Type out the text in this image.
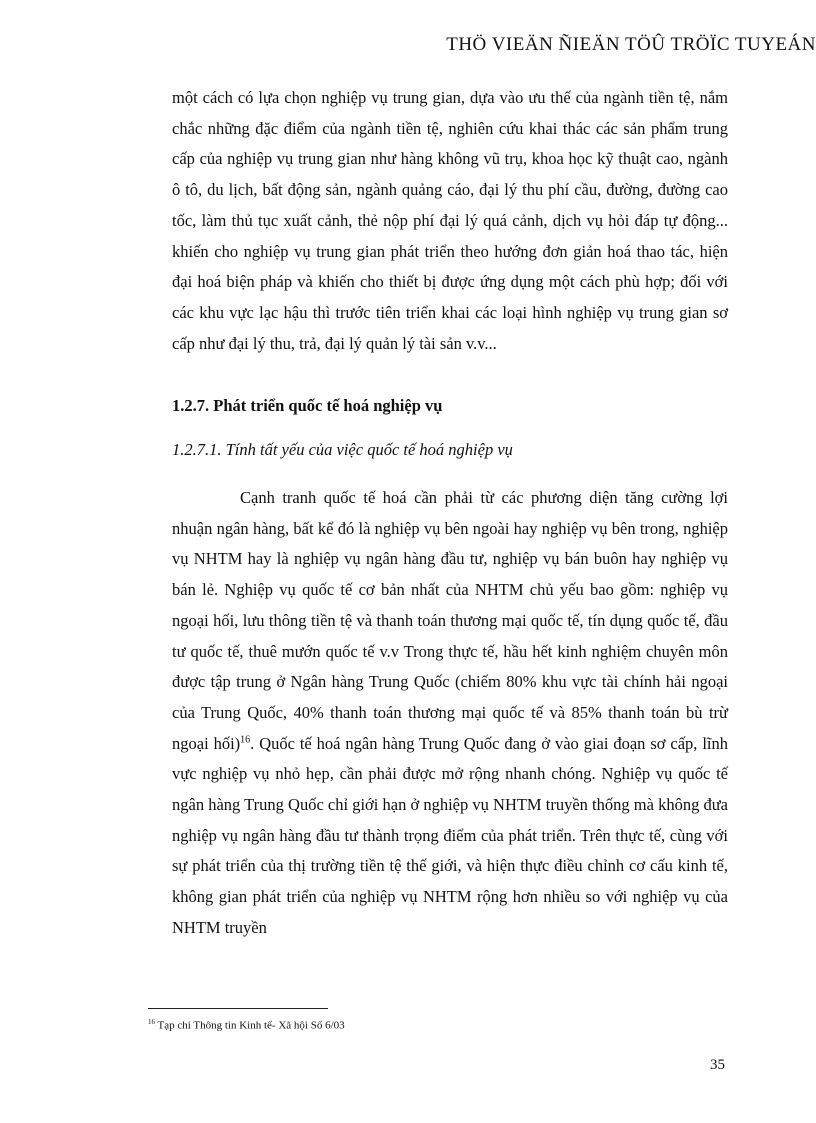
THÖ VIEÄN ÑIEÄN TÖÛ TRÖÏC TUYEÁN
một cách có lựa chọn nghiệp vụ trung gian, dựa vào ưu thế của ngành tiền tệ, nắm chắc những đặc điểm của ngành tiền tệ, nghiên cứu khai thác các sản phẩm trung cấp của nghiệp vụ trung gian như hàng không vũ trụ, khoa học kỹ thuật cao, ngành ô tô, du lịch, bất động sản, ngành quảng cáo, đại lý thu phí cầu, đường, đường cao tốc, làm thủ tục xuất cảnh, thẻ nộp phí đại lý quá cảnh, dịch vụ hỏi đáp tự động... khiến cho nghiệp vụ trung gian phát triển theo hướng đơn giản hoá thao tác, hiện đại hoá biện pháp và khiến cho thiết bị được ứng dụng một cách phù hợp; đối với các khu vực lạc hậu thì trước tiên triển khai các loại hình nghiệp vụ trung gian sơ cấp như đại lý thu, trả, đại lý quản lý tài sản v.v...
1.2.7. Phát triển quốc tế hoá nghiệp vụ
1.2.7.1. Tính tất yếu của việc quốc tế hoá nghiệp vụ
Cạnh tranh quốc tế hoá cần phải từ các phương diện tăng cường lợi nhuận ngân hàng, bất kể đó là nghiệp vụ bên ngoài hay nghiệp vụ bên trong, nghiệp vụ NHTM hay là nghiệp vụ ngân hàng đầu tư, nghiệp vụ bán buôn hay nghiệp vụ bán lẻ. Nghiệp vụ quốc tế cơ bản nhất của NHTM chủ yếu bao gồm: nghiệp vụ ngoại hối, lưu thông tiền tệ và thanh toán thương mại quốc tế, tín dụng quốc tế, đầu tư quốc tế, thuê mướn quốc tế v.v Trong thực tế, hầu hết kinh nghiệm chuyên môn được tập trung ở Ngân hàng Trung Quốc (chiếm 80% khu vực tài chính hải ngoại của Trung Quốc, 40% thanh toán thương mại quốc tế và 85% thanh toán bù trừ ngoại hối)$^{16}$. Quốc tế hoá ngân hàng Trung Quốc đang ở vào giai đoạn sơ cấp, lĩnh vực nghiệp vụ nhỏ hẹp, cần phải được mở rộng nhanh chóng. Nghiệp vụ quốc tế ngân hàng Trung Quốc chỉ giới hạn ở nghiệp vụ NHTM truyền thống mà không đưa nghiệp vụ ngân hàng đầu tư thành trọng điểm của phát triển. Trên thực tế, cùng với sự phát triển của thị trường tiền tệ thế giới, và hiện thực điều chỉnh cơ cấu kinh tế, không gian phát triển của nghiệp vụ NHTM rộng hơn nhiều so với nghiệp vụ của NHTM truyền
$^{16}$ Tạp chí Thông tin Kinh tế- Xã hội Số 6/03
35
